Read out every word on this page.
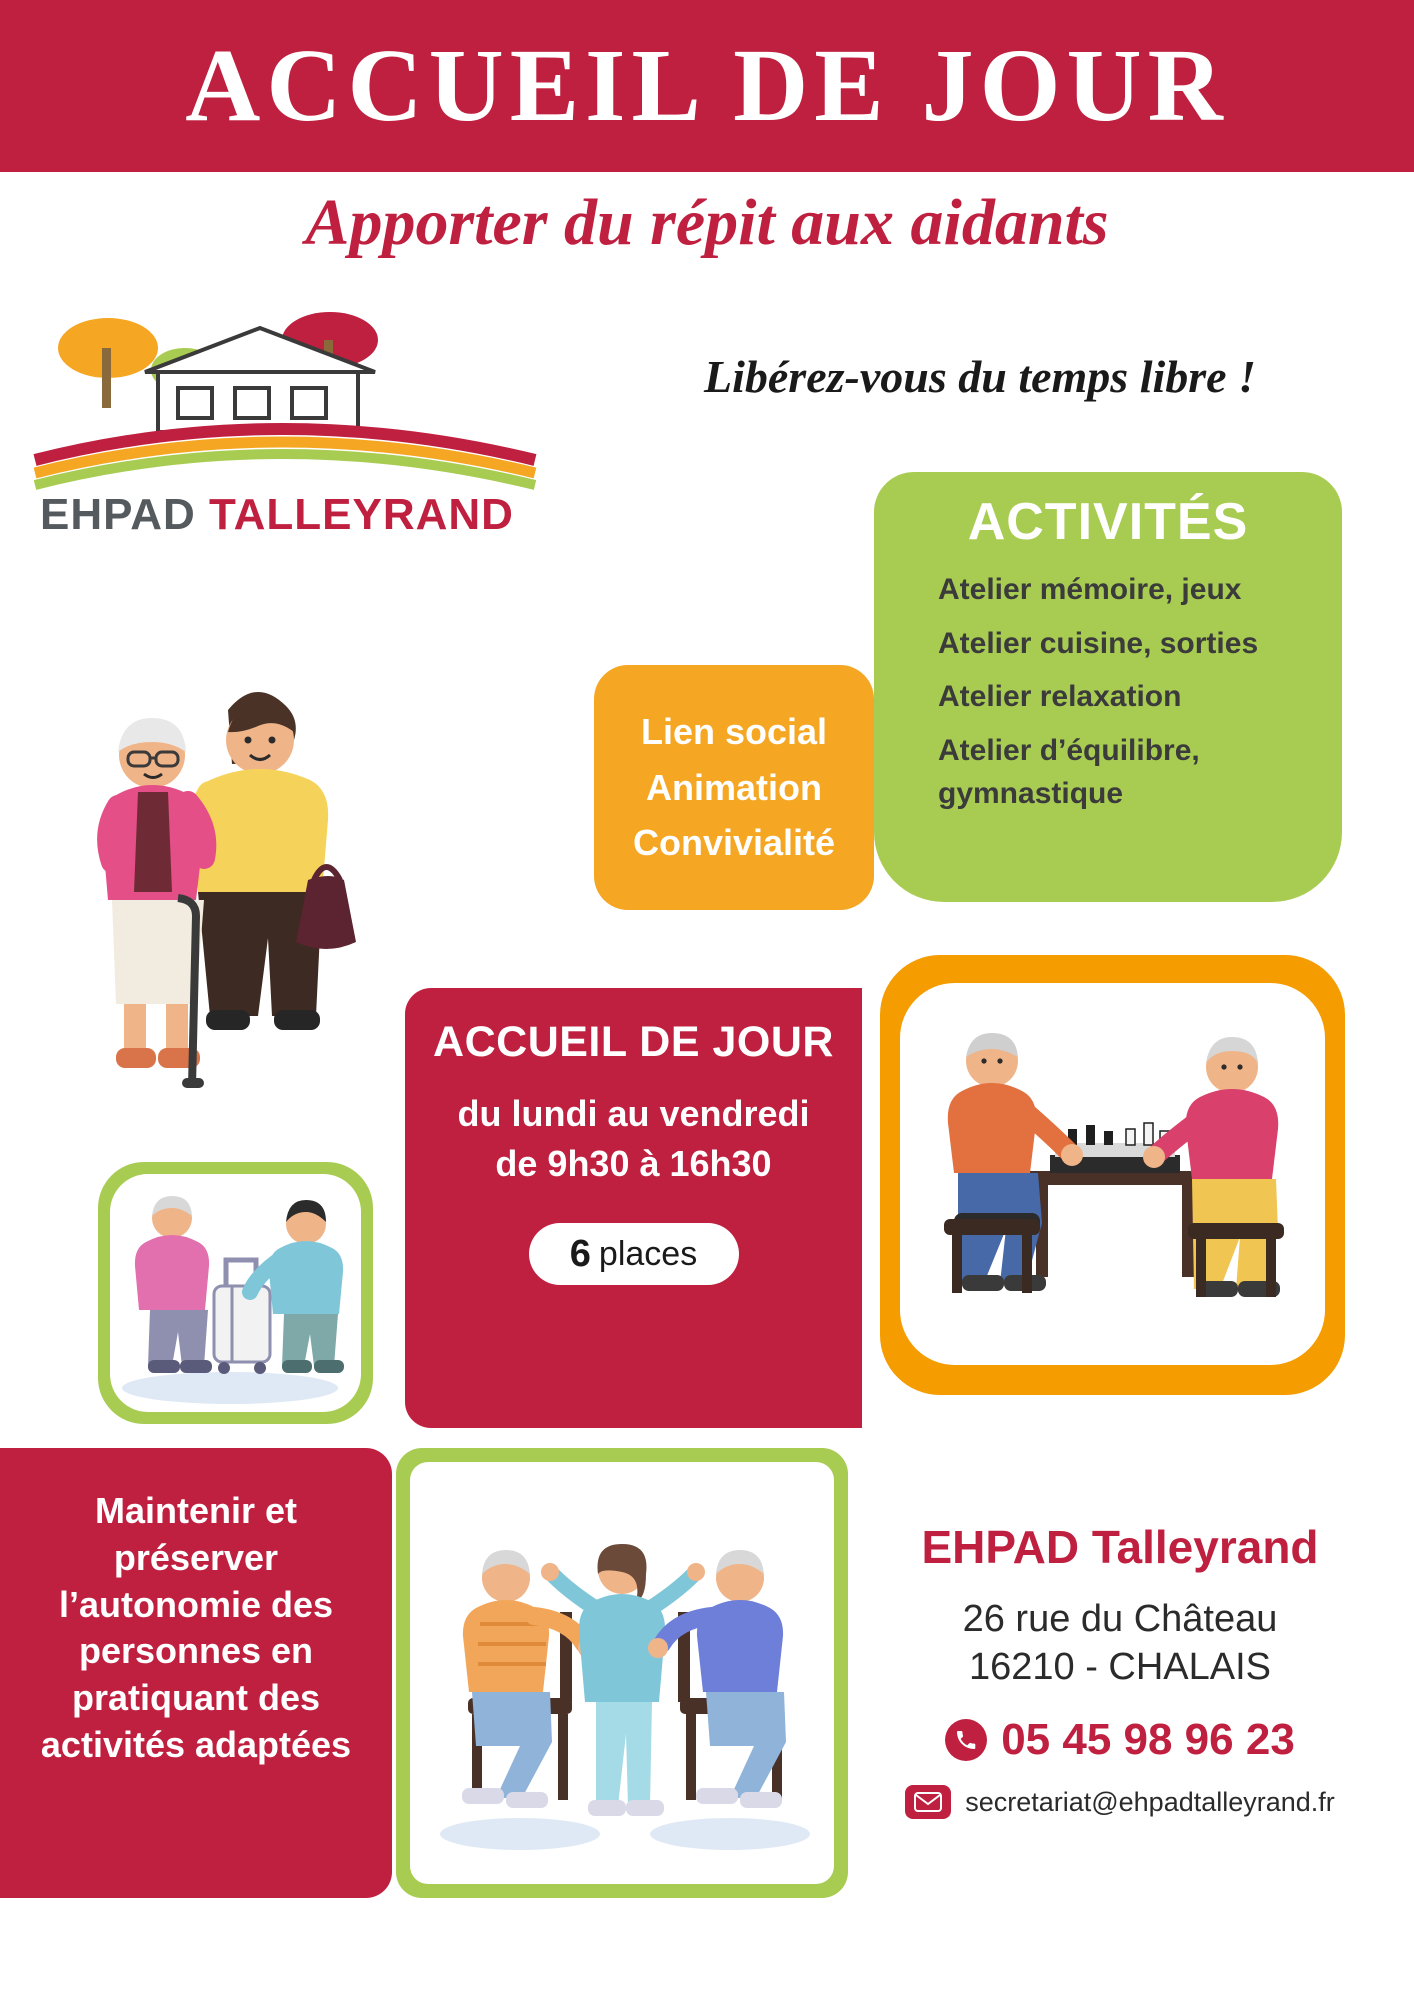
ACCUEIL DE JOUR
Apporter du répit aux aidants
Libérez-vous du temps libre !
EHPAD TALLEYRAND
Lien social
Animation
Convivialité
ACTIVITÉS
Atelier mémoire, jeux
Atelier cuisine, sorties
Atelier relaxation
Atelier d’équilibre, gymnastique
ACCUEIL DE JOUR
du lundi au vendredi
de 9h30 à 16h30
6 places
Maintenir et préserver l’autonomie des personnes en pratiquant des activités adaptées
EHPAD Talleyrand
26 rue du Château
16210 - CHALAIS
05 45 98 96 23
secretariat@ehpadtalleyrand.fr
